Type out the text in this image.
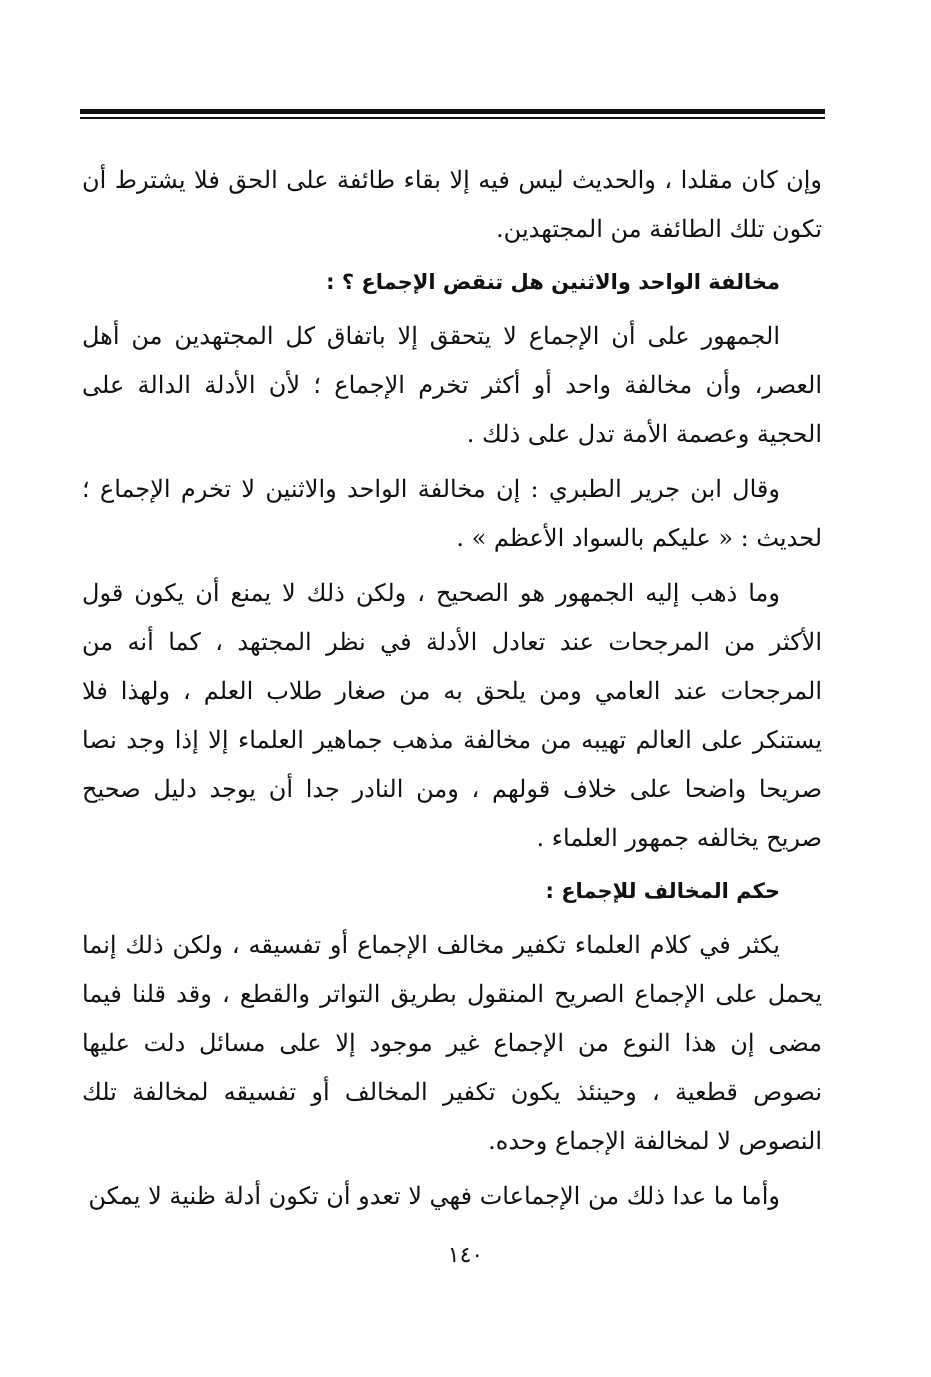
وإن كان مقلدا ، والحديث ليس فيه إلا بقاء طائفة على الحق فلا يشترط أن تكون تلك الطائفة من المجتهدين.

مخالفة الواحد والاثنين هل تنقض الإجماع ؟ :

الجمهور على أن الإجماع لا يتحقق إلا باتفاق كل المجتهدين من أهل العصر، وأن مخالفة واحد أو أكثر تخرم الإجماع ؛ لأن الأدلة الدالة على الحجية وعصمة الأمة تدل على ذلك .

وقال ابن جرير الطبري : إن مخالفة الواحد والاثنين لا تخرم الإجماع ؛ لحديث : « عليكم بالسواد الأعظم » .

وما ذهب إليه الجمهور هو الصحيح ، ولكن ذلك لا يمنع أن يكون قول الأكثر من المرجحات عند تعادل الأدلة في نظر المجتهد ، كما أنه من المرجحات عند العامي ومن يلحق به من صغار طلاب العلم ، ولهذا فلا يستنكر على العالم تهيبه من مخالفة مذهب جماهير العلماء إلا إذا وجد نصا صريحا واضحا على خلاف قولهم ، ومن النادر جدا أن يوجد دليل صحيح صريح يخالفه جمهور العلماء .

حكم المخالف للإجماع :

يكثر في كلام العلماء تكفير مخالف الإجماع أو تفسيقه ، ولكن ذلك إنما يحمل على الإجماع الصريح المنقول بطريق التواتر والقطع ، وقد قلنا فيما مضى إن هذا النوع من الإجماع غير موجود إلا على مسائل دلت عليها نصوص قطعية ، وحينئذ يكون تكفير المخالف أو تفسيقه لمخالفة تلك النصوص لا لمخالفة الإجماع وحده.

وأما ما عدا ذلك من الإجماعات فهي لا تعدو أن تكون أدلة ظنية لا يمكن

١٤٠
